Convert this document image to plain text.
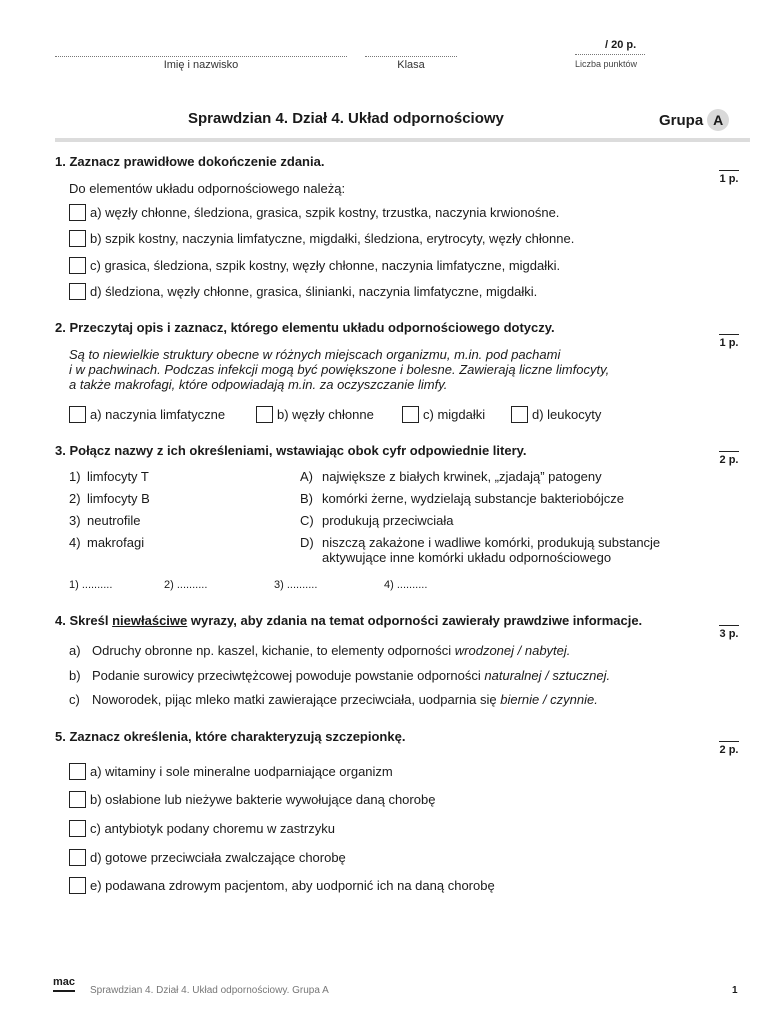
Imię i nazwisko	Klasa
/ 20 p.
Liczba punktów
Sprawdzian 4. Dział 4. Układ odpornościowy	Grupa A
1. Zaznacz prawidłowe dokończenie zdania.
1 p.
Do elementów układu odpornościowego należą:
a) węzły chłonne, śledziona, grasica, szpik kostny, trzustka, naczynia krwionośne.
b) szpik kostny, naczynia limfatyczne, migdałki, śledziona, erytrocyty, węzły chłonne.
c) grasica, śledziona, szpik kostny, węzły chłonne, naczynia limfatyczne, migdałki.
d) śledziona, węzły chłonne, grasica, ślinianki, naczynia limfatyczne, migdałki.
2. Przeczytaj opis i zaznacz, którego elementu układu odpornościowego dotyczy.
1 p.
Są to niewielkie struktury obecne w różnych miejscach organizmu, m.in. pod pachami
i w pachwinach. Podczas infekcji mogą być powiększone i bolesne. Zawierają liczne limfocyty,
a także makrofagi, które odpowiadają m.in. za oczyszczanie limfy.
a) naczynia limfatyczne	b) węzły chłonne	c) migdałki	d) leukocyty
3. Połącz nazwy z ich określeniami, wstawiając obok cyfr odpowiednie litery.
2 p.
1) limfocyty T
2) limfocyty B
3) neutrofile
4) makrofagi
A) największe z białych krwinek, „zjadają” patogeny
B) komórki żerne, wydzielają substancje bakteriobójcze
C) produkują przeciwciała
D) niszczą zakażone i wadliwe komórki, produkują substancje
aktywujące inne komórki układu odpornościowego
1) ..........	2) ..........	3) ..........	4) ..........
4. Skreśl niewłaściwe wyrazy, aby zdania na temat odporności zawierały prawdziwe informacje.
3 p.
a) Odruchy obronne np. kaszel, kichanie, to elementy odporności wrodzonej / nabytej.
b) Podanie surowicy przeciwtężcowej powoduje powstanie odporności naturalnej / sztucznej.
c) Noworodek, pijąc mleko matki zawierające przeciwciała, uodparnia się biernie / czynnie.
5. Zaznacz określenia, które charakteryzują szczepionkę.
2 p.
a) witaminy i sole mineralne uodparniające organizm
b) osłabione lub nieżywe bakterie wywołujące daną chorobę
c) antybiotyk podany choremu w zastrzyku
d) gotowe przeciwciała zwalczające chorobę
e) podawana zdrowym pacjentom, aby uodpornić ich na daną chorobę
mac
Sprawdzian 4. Dział 4. Układ odpornościowy. Grupa A	1
